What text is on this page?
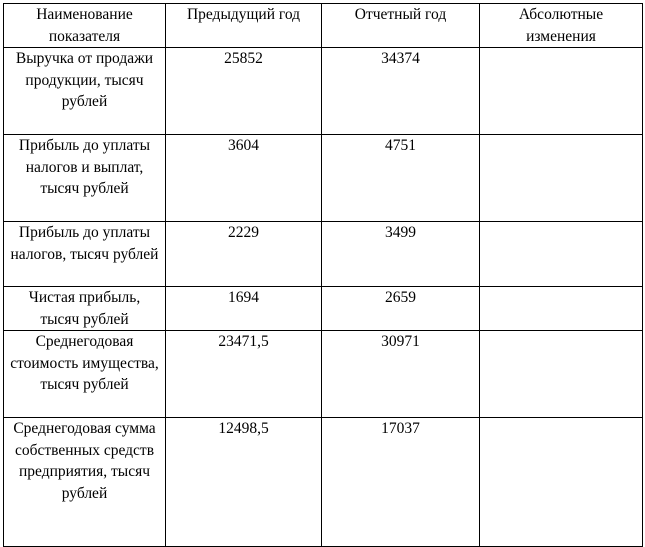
Наименование показателя	Предыдущий год	Отчетный год	Абсолютные изменения
Выручка от продажи продукции, тысяч рублей	25852	34374	
Прибыль до уплаты налогов и выплат, тысяч рублей	3604	4751	
Прибыль до уплаты налогов, тысяч рублей	2229	3499	
Чистая прибыль, тысяч рублей	1694	2659	
Среднегодовая стоимость имущества, тысяч рублей	23471,5	30971	
Среднегодовая сумма собственных средств предприятия, тысяч рублей	12498,5	17037	
